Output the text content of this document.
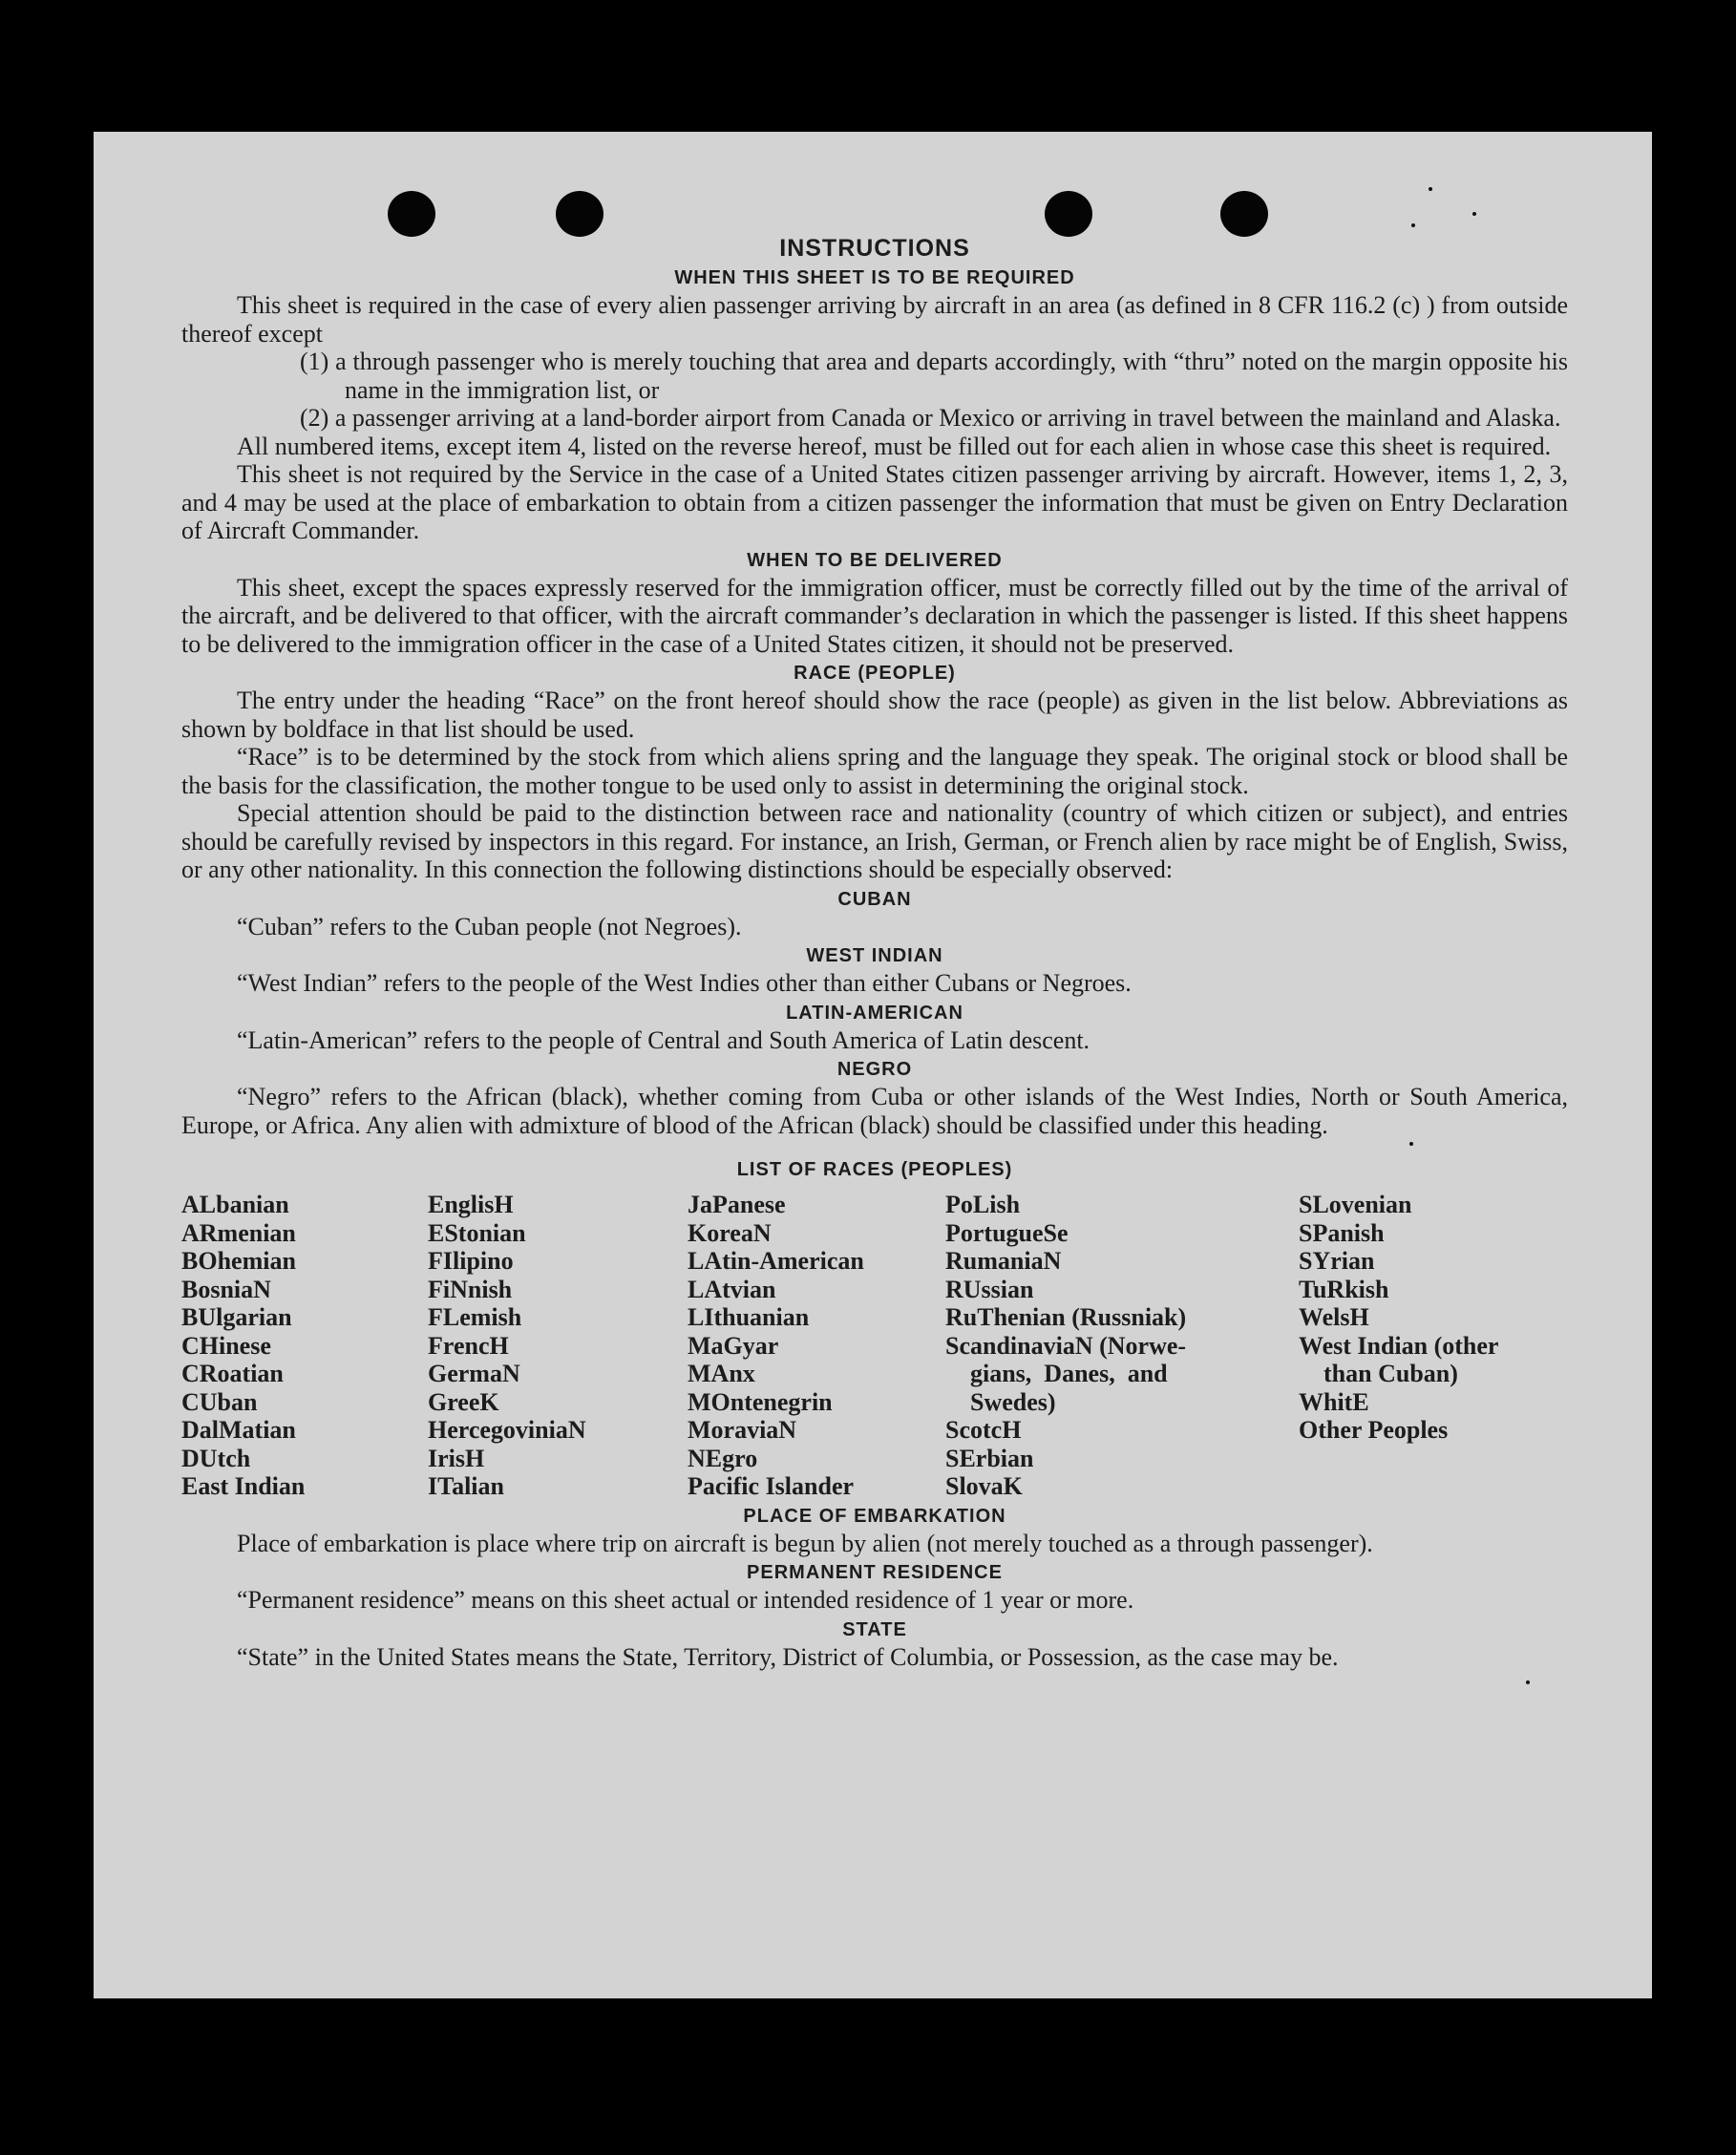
INSTRUCTIONS
WHEN THIS SHEET IS TO BE REQUIRED

This sheet is required in the case of every alien passenger arriving by aircraft in an area (as defined in 8 CFR 116.2 (c) ) from outside thereof except

(1) a through passenger who is merely touching that area and departs accordingly, with “thru” noted on the margin opposite his name in the immigration list, or

(2) a passenger arriving at a land-border airport from Canada or Mexico or arriving in travel between the mainland and Alaska.

All numbered items, except item 4, listed on the reverse hereof, must be filled out for each alien in whose case this sheet is required.

This sheet is not required by the Service in the case of a United States citizen passenger arriving by aircraft. However, items 1, 2, 3, and 4 may be used at the place of embarkation to obtain from a citizen passenger the information that must be given on Entry Declaration of Aircraft Commander.

WHEN TO BE DELIVERED

This sheet, except the spaces expressly reserved for the immigration officer, must be correctly filled out by the time of the arrival of the aircraft, and be delivered to that officer, with the aircraft commander’s declaration in which the passenger is listed. If this sheet happens to be delivered to the immigration officer in the case of a United States citizen, it should not be preserved.

RACE (PEOPLE)

The entry under the heading “Race” on the front hereof should show the race (people) as given in the list below. Abbreviations as shown by boldface in that list should be used.

“Race” is to be determined by the stock from which aliens spring and the language they speak. The original stock or blood shall be the basis for the classification, the mother tongue to be used only to assist in determining the original stock.

Special attention should be paid to the distinction between race and nationality (country of which citizen or subject), and entries should be carefully revised by inspectors in this regard. For instance, an Irish, German, or French alien by race might be of English, Swiss, or any other nationality. In this connection the following distinctions should be especially observed:

CUBAN

“Cuban” refers to the Cuban people (not Negroes).

WEST INDIAN

“West Indian” refers to the people of the West Indies other than either Cubans or Negroes.

LATIN-AMERICAN

“Latin-American” refers to the people of Central and South America of Latin descent.

NEGRO

“Negro” refers to the African (black), whether coming from Cuba or other islands of the West Indies, North or South America, Europe, or Africa. Any alien with admixture of blood of the African (black) should be classified under this heading.

LIST OF RACES (PEOPLES)
ALbanian
ARmenian
BOhemian
BosniaN
BUlgarian
CHinese
CRoatian
CUban
DalMatian
DUtch
East Indian
EnglisH
EStonian
FIlipino
FiNnish
FLemish
FrencH
GermaN
GreeK
HercegoviniaN
IrisH
ITalian
JaPanese
KoreaN
LAtin-American
LAtvian
LIthuanian
MaGyar
MAnx
MOntenegrin
MoraviaN
NEgro
Pacific Islander
PoLish
PortugueSe
RumaniaN
RUssian
RuThenian (Russniak)
ScandinaviaN (Norwe-
gians,  Danes,  and
Swedes)
ScotcH
SErbian
SlovaK
SLovenian
SPanish
SYrian
TuRkish
WelsH
West Indian (other
than Cuban)
WhitE
Other Peoples
PLACE OF EMBARKATION

Place of embarkation is place where trip on aircraft is begun by alien (not merely touched as a through passenger).

PERMANENT RESIDENCE

“Permanent residence” means on this sheet actual or intended residence of 1 year or more.

STATE

“State” in the United States means the State, Territory, District of Columbia, or Possession, as the case may be.
